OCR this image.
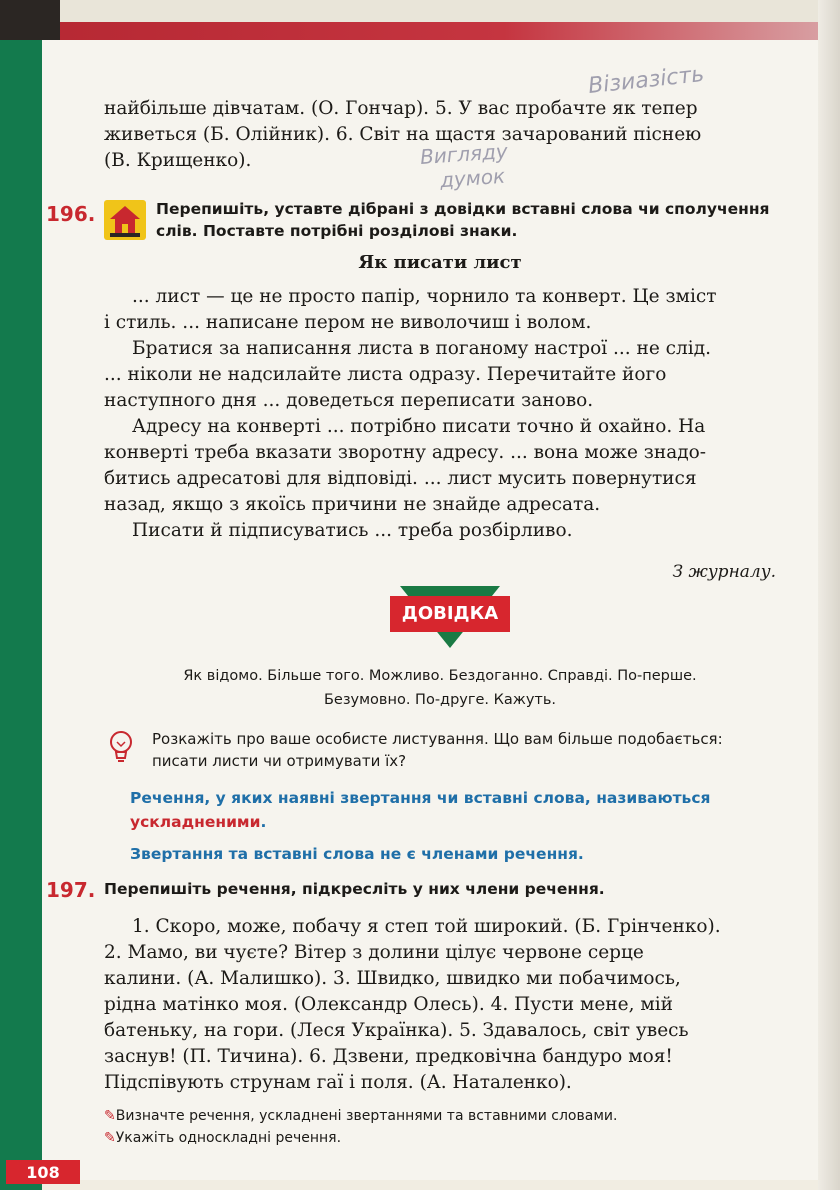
Візиазість
Вигляду
думок

найбільше дівчатам. (О. Гончар). 5. У вас пробачте як тепер

живеться (Б. Олійник). 6. Світ на щастя зачарований піснею

(В. Крищенко).

196.	Перепишіть, уставте дібрані з довідки вставні слова чи сполучення слів. Поставте потрібні розділові знаки.
Як писати лист

... лист — це не просто папір, чорнило та конверт. Це зміст

і стиль. ... написане пером не виволочиш і волом.

Братися за написання листа в поганому настрої ... не слід.

... ніколи не надсилайте листа одразу. Перечитайте його

наступного дня ... доведеться переписати заново.

Адресу на конверті ... потрібно писати точно й охайно. На

конверті треба вказати зворотну адресу. ... вона може знадо-

битись адресатові для відповіді. ... лист мусить повернутися

назад, якщо з якоїсь причини не знайде адресата.

Писати й підписуватись ... треба розбірливо.

З журналу.
ДОВІДКА
Як відомо. Більше того. Можливо. Бездоганно. Справді. По-перше.
Безумовно. По-друге. Кажуть.
Розкажіть про ваше особисте листування. Що вам більше подобається: писати листи чи отримувати їх?
Речення, у яких наявні звертання чи вставні слова, називаються
ускладненими.
Звертання та вставні слова не є членами речення.
197. Перепишіть речення, підкресліть у них члени речення.

1. Скоро, може, побачу я степ той широкий. (Б. Грінченко).

2. Мамо, ви чуєте? Вітер з долини цілує червоне серце

калини. (А. Малишко). 3. Швидко, швидко ми побачимось,

рідна матінко моя. (Олександр Олесь). 4. Пусти мене, мій

батеньку, на гори. (Леся Українка). 5. Здавалось, світ увесь

заснув! (П. Тичина). 6. Дзвени, предковічна бандуро моя!

Підспівують струнам гаї і поля. (А. Наталенко).

✎Визначте речення, ускладнені звертаннями та вставними словами.
✎Укажіть односкладні речення.
108
